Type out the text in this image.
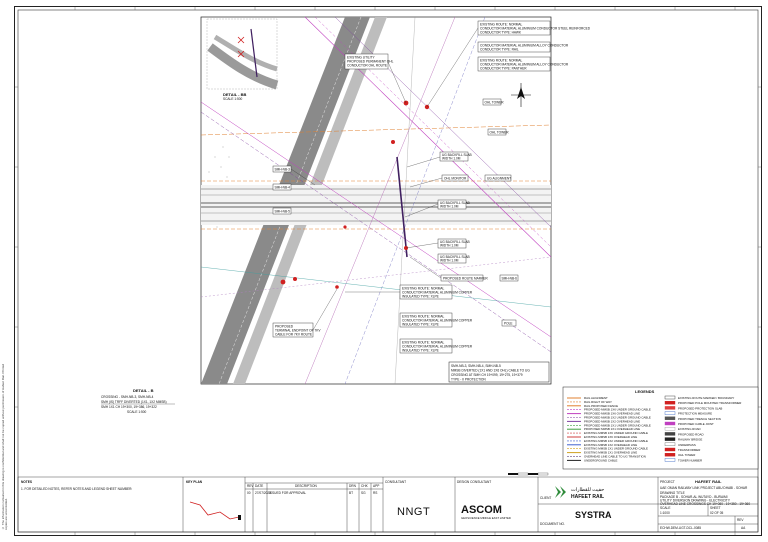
EXISTING UTILITY
PROPOSED PERMANENT OHL
CONDUCTOR OHL ROUTE
EXISTING ROUTE: NORMAL
CONDUCTOR MATERIAL ALUMINIUM CONDUCTOR STEEL REINFORCED
CONDUCTOR TYPE: HAWK
CONDUCTOR MATERIAL ALUMINIUM ALLOY CONDUCTOR
CONDUCTOR TYPE: RAIL
EXISTING ROUTE: NORMAL
CONDUCTOR MATERIAL ALUMINIUM ALLOY CONDUCTOR
CONDUCTOR TYPE: PANTHER
OHL TOWER
OHL TOWER
UG BACKFILL SLAB
WIDTH 1.0M
OHL MONITOR	UG ALIGNMENT
UG BACKFILL SLAB
WIDTH 1.0M
UG BACKFILL SLAB
WIDTH 1.0M
UG BACKFILL SLAB
WIDTH 1.0M
PROPOSED ROUTE MARKER
SMH-NB-3
SMH-NB-4
SMH-NB-5
SMH-NB-6
POLE
EXISTING ROUTE: NORMAL
CONDUCTOR MATERIAL ALUMINIUM COPPER
INSULATED TYPE: XLPE
EXISTING ROUTE: NORMAL
CONDUCTOR MATERIAL ALUMINIUM COPPER
INSULATED TYPE: XLPE
EXISTING ROUTE: NORMAL
CONDUCTOR MATERIAL ALUMINIUM COPPER
INSULATED TYPE: XLPE
PROPOSED
TERMINAL ENDPOINT OF 7KV
CABLE FOR 7KV ROUTE
SMH-NB-3, SMH-NB-4, SMH-NB-5
MMSB DIVERTED (1X1 AND 1X6 OHL) CABLE TO UG
CROSSING AT SMH CH 19+099, 19+275, 19+379
TYPE - II PROTECTION
DETAIL - BB
SCALE 1:500
DETAIL - B
CROSSING - SMH-NB-3, SMH-NB-4
SMH (IS) TRFF DIVERTED (1X1, 1X2 MMSB)
SMH 1X1 CH 19+300, 19+386, 19+322
SCALE 1:500
LEGENDS
RAIL ALIGNMENT
RAIL RIGHT OF WAY
RAIL PROPOSED FENCE
PROPOSED MMSB 1X6 UNDER GROUND CABLE
PROPOSED MMSB 1X6 OVERHEAD LINE
PROPOSED MMSB 1X2 UNDER GROUND CABLE
PROPOSED MMSB 1X2 OVERHEAD LINE
PROPOSED MMSB 1X1 UNDER GROUND CABLE
PROPOSED MMSB 1X1 OVERHEAD LINE
EXISTING MMSB 1X6 UNDER GROUND CABLE
EXISTING MMSB 1X6 OVERHEAD LINE
EXISTING MMSB 1X2 UNDER GROUND CABLE
EXISTING MMSB 1X2 OVERHEAD LINE
EXISTING MMSB 1X1 UNDER GROUND CABLE
EXISTING MMSB 1X1 OVERHEAD LINE
OVERHEAD LINE CABLE TO UG TRANSITION
UNDERGROUND CABLE
EXISTING ROUTE MARKER / BOUNDARY
PROPOSED POLE MOUNTED TRANSFORMER
PROPOSED PROTECTION SLAB
PROTECTION MEASURE
PROPOSED TRENCH SECTION
PROPOSED CABLE JOINT
EXISTING ROAD
PROPOSED ROAD
RAILWAY BRIDGE
UNDERPASS
TRANSFORMER
OHL TOWER
TOWER NUMBER
NOTES
1. FOR DETAILED NOTES, REFER NOTES AND LEGEND SHEET NUMBER:
KEY PLAN
REV DATE	DESCRIPTION	DRN CHK APP
00 27/07/2023
ISSUED FOR APPROVAL	BT SG RS
CONSULTANT	DESIGN CONSULTANT
CLIENT
PROJECT
DOCUMENT NO.
NNGT	ASCOM
GEOSCIENCE MIDDLE EAST LIMITED
حفيت للقطارات
HAFEET RAIL
SYSTRA
HAFEET RAIL
UAE OMAN RAILWAY LINK PROJECT ABU DHABI - SOHAR
DRAWING TITLE
PACKAGE B - SOHAR-AL WUTAYD - BURAIMI
UTILITY DIVERSION DRAWING - ELECTRICITY
OVERHEAD LINE CROSSINGS CH 19+080 - 19+350 - 19+360
SCALE
1:1000
SHEET
02 OF 05
ECHW-DEM-UGT-DCL-0085
REV
AA
© The information contained in this drawing is confidential and shall not be copied without permission of Hafeet Rail. Printed copies are uncontrolled.
